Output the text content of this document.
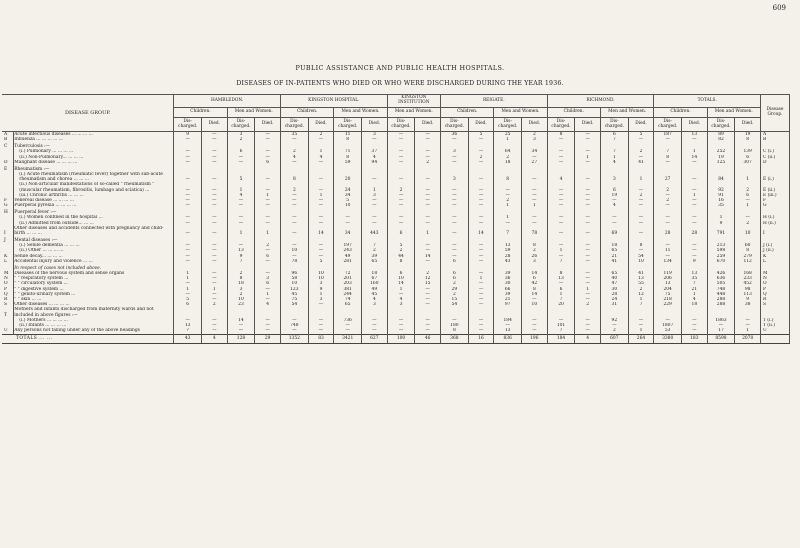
609
PUBLIC ASSISTANCE AND PUBLIC HEALTH HOSPITALS.
DISEASES OF IN-PATIENTS WHO DIED OR WHO WERE DISCHARGED DURING THE YEAR 1936.
DISEASE GROUP.		HAMBLEDON.				KINGSTON HOSPITAL.				KINGSTON INSTITUTION		REIGATE.				RICHMOND.				TOTALS.				Disease Group.
		Children.		Men and Women.		Children.		Men and Women.		Men and Women.		Children.		Men and Women.		Children.		Men and Women.		Children.		Men and Women.		
		Dis-charged.	Died.	Dis-charged.	Died.	Dis-charged.	Died.	Dis-charged.	Died.	Dis-charged.	Died.	Dis-charged.	Died.	Dis-charged.	Died.	Dis-charged.	Died.	Dis-charged.	Died.	Dis-charged.	Died.	Dis-charged.	Died.	
A	Acute infectious diseases ... ... ... ...	9	—	3	—	35	2	11	3	—	—	36	5	25	2	8	—	6	5	187	13	89	19	A
B	Influenza ... ... ... ... ...	—	—	2	—	—	—	8	—	—	—	—	—	1	3	—	—	7	—	—	—	82	8	B
C	Tuberculosis :—																							
	(i.) Pulmonary ... ... ... ...	—	—	6	—	2	1	71	37	—	—	3	—	64	34	—	—	7	2	7	1	252	139	C (i.)
	(ii.) Non-Pulmonary... ... ... ...	—	—	—	—	4	4	8	4	—	—	—	2	2	—	—	1	1	—	8	14	19	6	C (ii.)
D	Malignant disease ... ... ... ...	—	—	—	6	—	—	59	94	—	2	—	—	18	27	—	—	4	41	—	—	125	307	D
E	Rheumatism :—																							
	(i.) Acute rheumatism (rheumatic fever) together with sub-acute rheumatism and chorea ... ... ...	—	—	5	—	8	—	20	—	—	—	3	—	8	—	4	—	3	1	27	—	84	1	E (i.)
	(ii.) Non-articular manifestations of so-called " rheumatism " (muscular rheumatism, fibrositis, lumbago and sciatica) ...	—	—	1	—	2	—	24	1	2	—	—	—	—	—	—	—	6	—	2	—	92	2	E (ii.)
	(iii.) Chronic arthritis ... ... ...	—	—	4	1	—	1	34	3	—	—	—	—	—	—	—	—	19	2	—	1	91	6	E (iii.)
F	Venereal disease ... ... ... ...	—	—	—	—	—	—	5	—	—	—	—	—	2	—	—	—	—	—	2	—	16	—	F
G	Puerperal pyrexia ... ... ... ...	—	—	—	—	—	—	10	—	—	—	—	—	1	1	—	—	4	—	—	—	35	1	G
H	Puerperal fever :—																							
	(i.) Women confined in the hospital ...	—	—	—	—	—	—	—	—	—	—	—	—	1	—	—	—	—	—	—	—	1	—	H (i.)
	(ii.) Admitted from outside... ... ...	—	—	—	—	—	—	—	—	—	—	—	—	—	—	—	—	—	—	—	—	9	2	H (ii.)
I	Other diseases and accidents connected with pregnancy and child-birth ... ... ...	—	—	1	1	—	14	34	443	6	1	—	14	7	78	—	—	69	—	28	28	791	10	I
J	Mental diseases :—																							
	(i.) Senile dementia ... ... ...	—	—	—	2	—	—	197	7	5	—	—	—	13	8	—	—	18	8	—	—	213	60	J (i.)
	(ii.) Other ... ... ... ...	—	—	13	—	10	—	243	2	2	—	—	—	59	2	1	—	65	—	11	—	598	8	J (ii.)
K	Senile decay... ... ... ...	—	—	9	6	—	—	49	39	44	14	—	—	28	26	—	—	21	54	—	—	259	279	K
L	Accidental injury and violence ... ...	—	—	7	—	78	5	281	65	8	—	6	—	43	3	7	—	41	10	134	9	670	112	L
	In respect of cases not included above.																							
M	Diseases of the nervous system and sense organs	1	—	2	—	96	10	72	18	6	2	6	—	39	14	8	—	65	41	119	13	426	168	M
N	" " respiratory system ...	1	—	8	3	58	10	201	67	10	12	6	1	36	6	13	—	40	13	206	35	636	233	N
O	" " circulatory system ...	—	—	18	6	10	3	203	160	14	15	2	—	30	42	—	—	47	55	13	7	505	452	O
P	" " digestive system ...	1	1	3	—	123	9	381	49	1	—	29	—	66	8	6	1	30	2	204	21	748	98	P
Q	" " genito-urinary system ...	—	—	2	1	45	1	244	45	—	—	2	—	39	14	1	—	28	12	75	1	448	113	Q
R	" " skin ... ...	5	—	10	—	75	3	74	4	4	—	15	—	21	—	7	—	24	1	218	4	288	9	R
S	Other diseases ... ... ... ...	6	2	23	4	54	—	65	3	3	—	54	—	97	10	20	2	31	7	229	18	288	38	S
T	Mothers and infants discharged from maternity wards and not included in above figures :—																							
	(i.) Mothers ... ... ... ...	—	—	14	—	—	—	736	—	—	—	—	—	184	—	—	—	92	—	—	—	1863	—	T (i.)
	(ii.) Infants ... ... ... ...	13	—	—	—	748	—	—	—	—	—	180	—	—	—	101	—	—	—	1807	—	—	—	T (ii.)
U	Any persons not falling under any of the above headings	7	—	—	—	—	—	—	—	—	—	8	—	13	—	7	—	2	1	53	—	17	1	U
TOTALS ... ...		43	4	128	29	1352	83	3421	627	100	46	368	16	836	196	184	4	607	264	3380	183	8598	2070	
